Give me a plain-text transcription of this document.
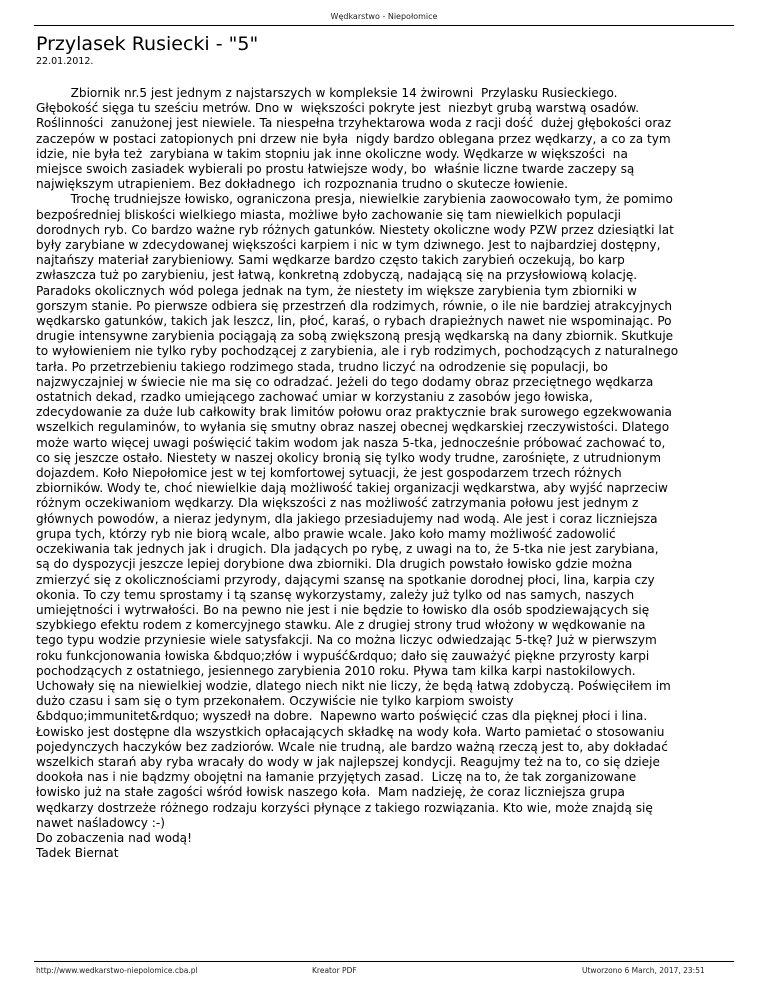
Wędkarstwo - Niepołomice
Przylasek Rusiecki - "5"
22.01.2012.

Zbiornik nr.5 jest jednym z najstarszych w kompleksie 14 żwirowni  Przylasku Rusieckiego.
Głębokość sięga tu sześciu metrów. Dno w  większości pokryte jest  niezbyt grubą warstwą osadów.
Roślinności  zanużonej jest niewiele. Ta niespełna trzyhektarowa woda z racji dość  dużej głębokości oraz
zaczepów w postaci zatopionych pni drzew nie była  nigdy bardzo oblegana przez wędkarzy, a co za tym
idzie, nie była też  zarybiana w takim stopniu jak inne okoliczne wody. Wędkarze w większości  na
miejsce swoich zasiadek wybierali po prostu łatwiejsze wody, bo  właśnie liczne twarde zaczepy są
największym utrapieniem. Bez dokładnego  ich rozpoznania trudno o skutecze łowienie.
Trochę trudniejsze łowisko, ograniczona presja, niewielkie zarybienia zaowocowało tym, że pomimo
bezpośredniej bliskości wielkiego miasta, możliwe było zachowanie się tam niewielkich populacji
dorodnych ryb. Co bardzo ważne ryb różnych gatunków. Niestety okoliczne wody PZW przez dziesiątki lat
były zarybiane w zdecydowanej większości karpiem i nic w tym dziwnego. Jest to najbardziej dostępny,
najtańszy materiał zarybieniowy. Sami wędkarze bardzo często takich zarybień oczekują, bo karp
zwłaszcza tuż po zarybieniu, jest łatwą, konkretną zdobyczą, nadającą się na przysłowiową kolację.
Paradoks okolicznych wód polega jednak na tym, że niestety im większe zarybienia tym zbiorniki w
gorszym stanie. Po pierwsze odbiera się przestrzeń dla rodzimych, równie, o ile nie bardziej atrakcyjnych
wędkarsko gatunków, takich jak leszcz, lin, płoć, karaś, o rybach drapieżnych nawet nie wspominając. Po
drugie intensywne zarybienia pociągają za sobą zwiększoną presją wędkarską na dany zbiornik. Skutkuje
to wyłowieniem nie tylko ryby pochodzącej z zarybienia, ale i ryb rodzimych, pochodzących z naturalnego
tarła. Po przetrzebieniu takiego rodzimego stada, trudno liczyć na odrodzenie się populacji, bo
najzwyczajniej w świecie nie ma się co odradzać. Jeżeli do tego dodamy obraz przeciętnego wędkarza
ostatnich dekad, rzadko umiejącego zachować umiar w korzystaniu z zasobów jego łowiska,
zdecydowanie za duże lub całkowity brak limitów połowu oraz praktycznie brak surowego egzekwowania
wszelkich regulaminów, to wyłania się smutny obraz naszej obecnej wędkarskiej rzeczywistości. Dlatego
może warto więcej uwagi poświęcić takim wodom jak nasza 5-tka, jednocześnie próbować zachować to,
co się jeszcze ostało. Niestety w naszej okolicy bronią się tylko wody trudne, zarośnięte, z utrudnionym
dojazdem. Koło Niepołomice jest w tej komfortowej sytuacji, że jest gospodarzem trzech różnych
zbiorników. Wody te, choć niewielkie dają możliwość takiej organizacji wędkarstwa, aby wyjść naprzeciw
różnym oczekiwaniom wędkarzy. Dla większości z nas możliwość zatrzymania połowu jest jednym z
głównych powodów, a nieraz jedynym, dla jakiego przesiadujemy nad wodą. Ale jest i coraz liczniejsza
grupa tych, którzy ryb nie biorą wcale, albo prawie wcale. Jako koło mamy możliwość zadowolić
oczekiwania tak jednych jak i drugich. Dla jadących po rybę, z uwagi na to, że 5-tka nie jest zarybiana,
są do dyspozycji jeszcze lepiej dorybione dwa zbiorniki. Dla drugich powstało łowisko gdzie można
zmierzyć się z okolicznościami przyrody, dającymi szansę na spotkanie dorodnej płoci, lina, karpia czy
okonia. To czy temu sprostamy i tą szansę wykorzystamy, zależy już tylko od nas samych, naszych
umiejętności i wytrwałości. Bo na pewno nie jest i nie będzie to łowisko dla osób spodziewających się
szybkiego efektu rodem z komercyjnego stawku. Ale z drugiej strony trud włożony w wędkowanie na
tego typu wodzie przyniesie wiele satysfakcji. Na co można liczyc odwiedzając 5-tkę? Już w pierwszym
roku funkcjonowania łowiska &bdquo;złów i wypuść&rdquo; dało się zauważyć piękne przyrosty karpi
pochodzących z ostatniego, jesiennego zarybienia 2010 roku. Pływa tam kilka karpi nastokilowych.
Uchowały się na niewielkiej wodzie, dlatego niech nikt nie liczy, że będą łatwą zdobyczą. Poświęciłem im
dużo czasu i sam się o tym przekonałem. Oczywiście nie tylko karpiom swoisty
&bdquo;immunitet&rdquo; wyszedł na dobre.  Napewno warto poświęcić czas dla pięknej płoci i lina.
Łowisko jest dostępne dla wszystkich opłacających składkę na wody koła. Warto pamietać o stosowaniu
pojedynczych haczyków bez zadziorów. Wcale nie trudną, ale bardzo ważną rzeczą jest to, aby dokładać
wszelkich starań aby ryba wracały do wody w jak najlepszej kondycji. Reagujmy też na to, co się dzieje
dookoła nas i nie bądzmy obojętni na łamanie przyjętych zasad.  Liczę na to, że tak zorganizowane
łowisko już na stałe zagości wśród łowisk naszego koła.  Mam nadzieję, że coraz liczniejsza grupa
wędkarzy dostrzeże różnego rodzaju korzyści płynące z takiego rozwiązania. Kto wie, może znajdą się
nawet naśladowcy :-)
Do zobaczenia nad wodą!
Tadek Biernat

http://www.wedkarstwo-niepolomice.cba.pl	Kreator PDF	Utworzono 6 March, 2017, 23:51
